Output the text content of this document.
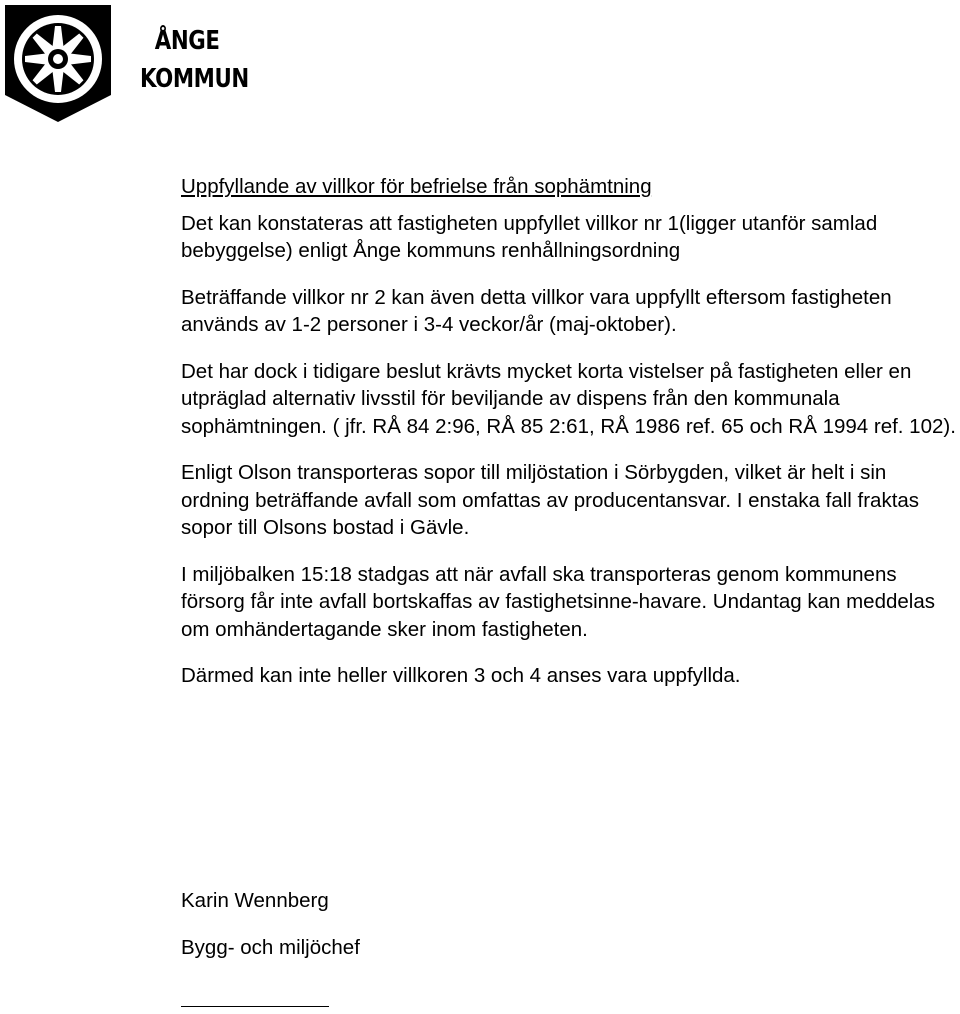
ÅNGE
KOMMUN

Uppfyllande av villkor för befrielse från sophämtning

Det kan konstateras att fastigheten uppfyllet villkor nr 1(ligger utanför samlad bebyggelse) enligt Ånge kommuns renhållningsordning

Beträffande villkor nr 2 kan även detta villkor vara uppfyllt eftersom fastigheten används av 1-2 personer i 3-4 veckor/år (maj-oktober).

Det har dock i tidigare beslut krävts mycket korta vistelser på fastigheten eller en utpräglad alternativ livsstil för beviljande av dispens från den kommunala sophämtningen. ( jfr. RÅ 84 2:96, RÅ 85 2:61, RÅ 1986 ref. 65 och RÅ 1994 ref. 102).

Enligt Olson transporteras sopor till miljöstation i Sörbygden, vilket är helt i sin ordning beträffande avfall som omfattas av producentansvar. I enstaka fall fraktas sopor till Olsons bostad i Gävle.

I miljöbalken 15:18 stadgas att när avfall ska transporteras genom kommunens försorg får inte avfall bortskaffas av fastighetsinne-havare. Undantag kan meddelas om omhändertagande sker inom fastigheten.

Därmed kan inte heller villkoren 3 och 4 anses vara uppfyllda.

Karin Wennberg

Bygg- och miljöchef
